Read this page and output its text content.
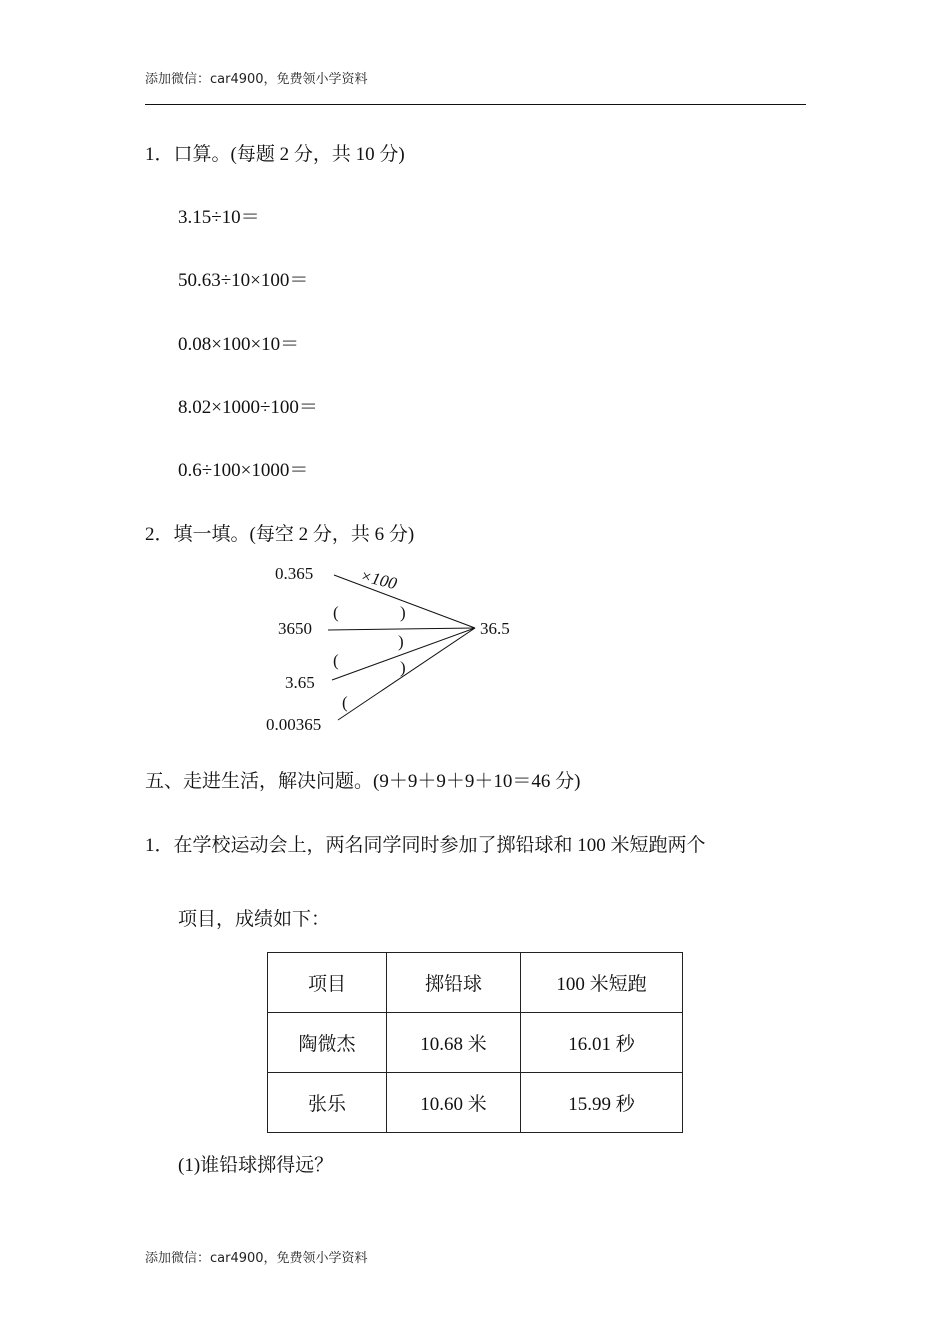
添加微信：car4900，免费领小学资料
1．口算。(每题 2 分，共 10 分)
3.15÷10＝
50.63÷10×100＝
0.08×100×10＝
8.02×1000÷100＝
0.6÷100×1000＝
2．填一填。(每空 2 分，共 6 分)
0.365
3650
3.65
0.00365
36.5
×100
(	)
)
(	)
(
五、走进生活，解决问题。(9＋9＋9＋9＋10＝46 分)
1．在学校运动会上，两名同学同时参加了掷铅球和 100 米短跑两个
项目，成绩如下：
项目	掷铅球	100 米短跑
陶微杰	10.68 米	16.01 秒
张乐	10.60 米	15.99 秒
(1)谁铅球掷得远？
添加微信：car4900，免费领小学资料
